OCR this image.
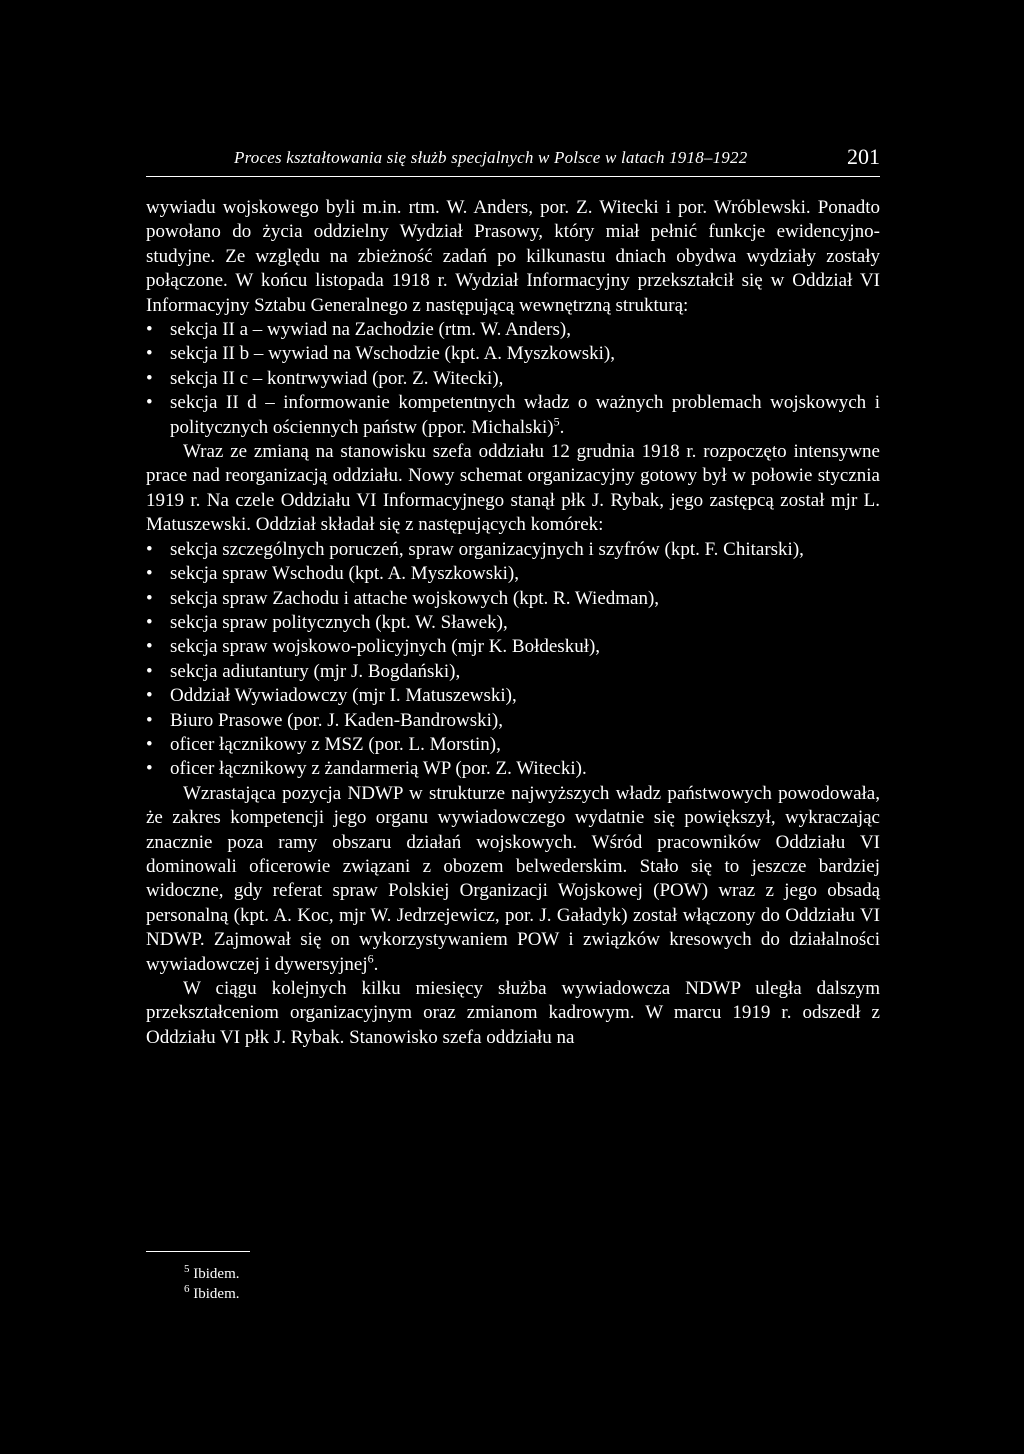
Proces kształtowania się służb specjalnych w Polsce w latach 1918–1922	201

wywiadu wojskowego byli m.in. rtm. W. Anders, por. Z. Witecki i por. Wróblewski. Ponadto powołano do życia oddzielny Wydział Prasowy, który miał pełnić funkcje ewidencyjno-studyjne. Ze względu na zbieżność zadań po kilkunastu dniach obydwa wydziały zostały połączone. W końcu listopada 1918 r. Wydział Informacyjny przekształcił się w Oddział VI Informacyjny Sztabu Generalnego z następującą wewnętrzną strukturą:

• sekcja II a – wywiad na Zachodzie (rtm. W. Anders),
• sekcja II b – wywiad na Wschodzie (kpt. A. Myszkowski),
• sekcja II c – kontrwywiad (por. Z. Witecki),
• sekcja II d – informowanie kompetentnych władz o ważnych problemach wojskowych i politycznych ościennych państw (ppor. Michalski)$^5$.

Wraz ze zmianą na stanowisku szefa oddziału 12 grudnia 1918 r. rozpoczęto intensywne prace nad reorganizacją oddziału. Nowy schemat organizacyjny gotowy był w połowie stycznia 1919 r. Na czele Oddziału VI Informacyjnego stanął płk J. Rybak, jego zastępcą został mjr L. Matuszewski. Oddział składał się z następujących komórek:

• sekcja szczególnych poruczeń, spraw organizacyjnych i szyfrów (kpt. F. Chitarski),
• sekcja spraw Wschodu (kpt. A. Myszkowski),
• sekcja spraw Zachodu i attache wojskowych (kpt. R. Wiedman),
• sekcja spraw politycznych (kpt. W. Sławek),
• sekcja spraw wojskowo-policyjnych (mjr K. Bołdeskuł),
• sekcja adiutantury (mjr J. Bogdański),
• Oddział Wywiadowczy (mjr I. Matuszewski),
• Biuro Prasowe (por. J. Kaden-Bandrowski),
• oficer łącznikowy z MSZ (por. L. Morstin),
• oficer łącznikowy z żandarmerią WP (por. Z. Witecki).

Wzrastająca pozycja NDWP w strukturze najwyższych władz państwowych powodowała, że zakres kompetencji jego organu wywiadowczego wydatnie się powiększył, wykraczając znacznie poza ramy obszaru działań wojskowych. Wśród pracowników Oddziału VI dominowali oficerowie związani z obozem belwederskim. Stało się to jeszcze bardziej widoczne, gdy referat spraw Polskiej Organizacji Wojskowej (POW) wraz z jego obsadą personalną (kpt. A. Koc, mjr W. Jedrzejewicz, por. J. Gaładyk) został włączony do Oddziału VI NDWP. Zajmował się on wykorzystywaniem POW i związków kresowych do działalności wywiadowczej i dywersyjnej$^6$.

W ciągu kolejnych kilku miesięcy służba wywiadowcza NDWP uległa dalszym przekształceniom organizacyjnym oraz zmianom kadrowym. W marcu 1919 r. odszedł z Oddziału VI płk J. Rybak. Stanowisko szefa oddziału na

$^5$ Ibidem.
$^6$ Ibidem.
